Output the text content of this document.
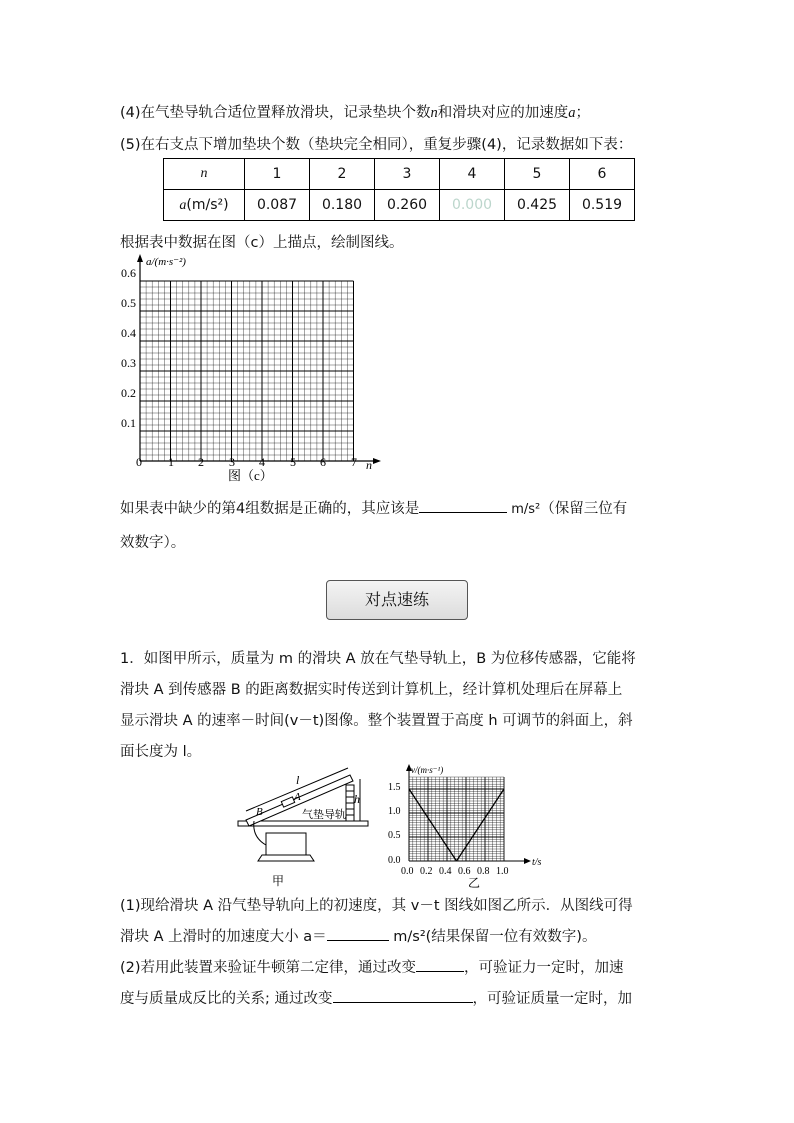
(4)在气垫导轨合适位置释放滑块，记录垫块个数n和滑块对应的加速度a；
(5)在右支点下增加垫块个数（垫块完全相同），重复步骤(4)，记录数据如下表：
n	1	2	3	4	5	6
a(m/s²)	0.087	0.180	0.260	0.000	0.425	0.519
根据表中数据在图（c）上描点，绘制图线。
a/(m·s⁻²)
n
0.6
0.5
0.4
0.3
0.2
0.1
0 1 2 3 4 5 6 7
图（c）
如果表中缺少的第4组数据是正确的，其应该是	m/s²（保留三位有
效数字）。
对点速练
1．如图甲所示，质量为 m 的滑块 A 放在气垫导轨上，B 为位移传感器，它能将
滑块 A 到传感器 B 的距离数据实时传送到计算机上，经计算机处理后在屏幕上
显示滑块 A 的速率－时间(v－t)图像。整个装置置于高度 h 可调节的斜面上，斜
面长度为 l。
l
h
A
B	气垫导轨
甲
v/(m·s⁻¹)
t/s
1.5
1.0
0.5
0.0
0.0 0.2 0.4 0.6 0.8 1.0
乙
(1)现给滑块 A 沿气垫导轨向上的初速度，其 v－t 图线如图乙所示．从图线可得
滑块 A 上滑时的加速度大小 a＝	m/s²(结果保留一位有效数字)。
(2)若用此装置来验证牛顿第二定律，通过改变	，可验证力一定时，加速
度与质量成反比的关系; 通过改变	，可验证质量一定时，加
